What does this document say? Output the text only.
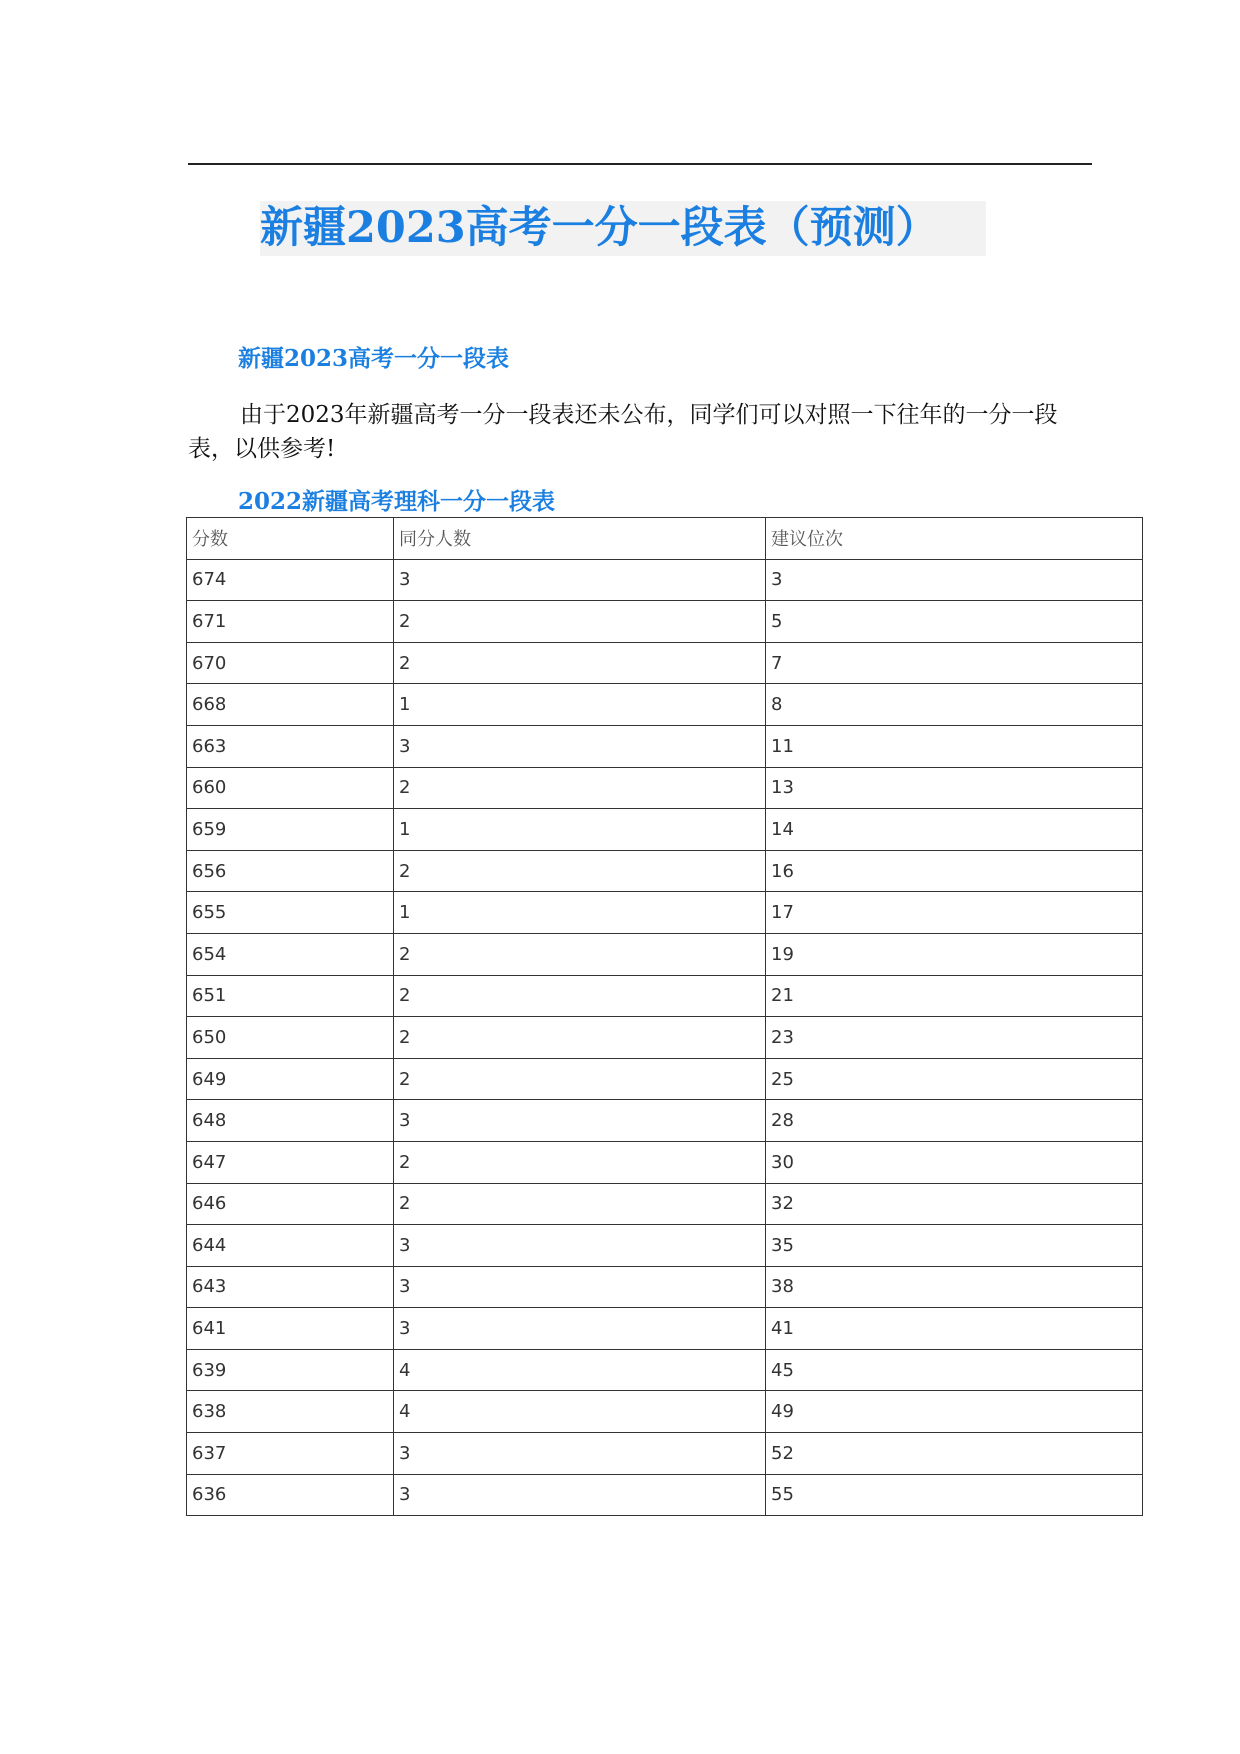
新疆2023高考一分一段表（预测）
新疆2023高考一分一段表
由于2023年新疆高考一分一段表还未公布，同学们可以对照一下往年的一分一段表，以供参考!
2022新疆高考理科一分一段表
分数	同分人数	建议位次
674	3	3
671	2	5
670	2	7
668	1	8
663	3	11
660	2	13
659	1	14
656	2	16
655	1	17
654	2	19
651	2	21
650	2	23
649	2	25
648	3	28
647	2	30
646	2	32
644	3	35
643	3	38
641	3	41
639	4	45
638	4	49
637	3	52
636	3	55
